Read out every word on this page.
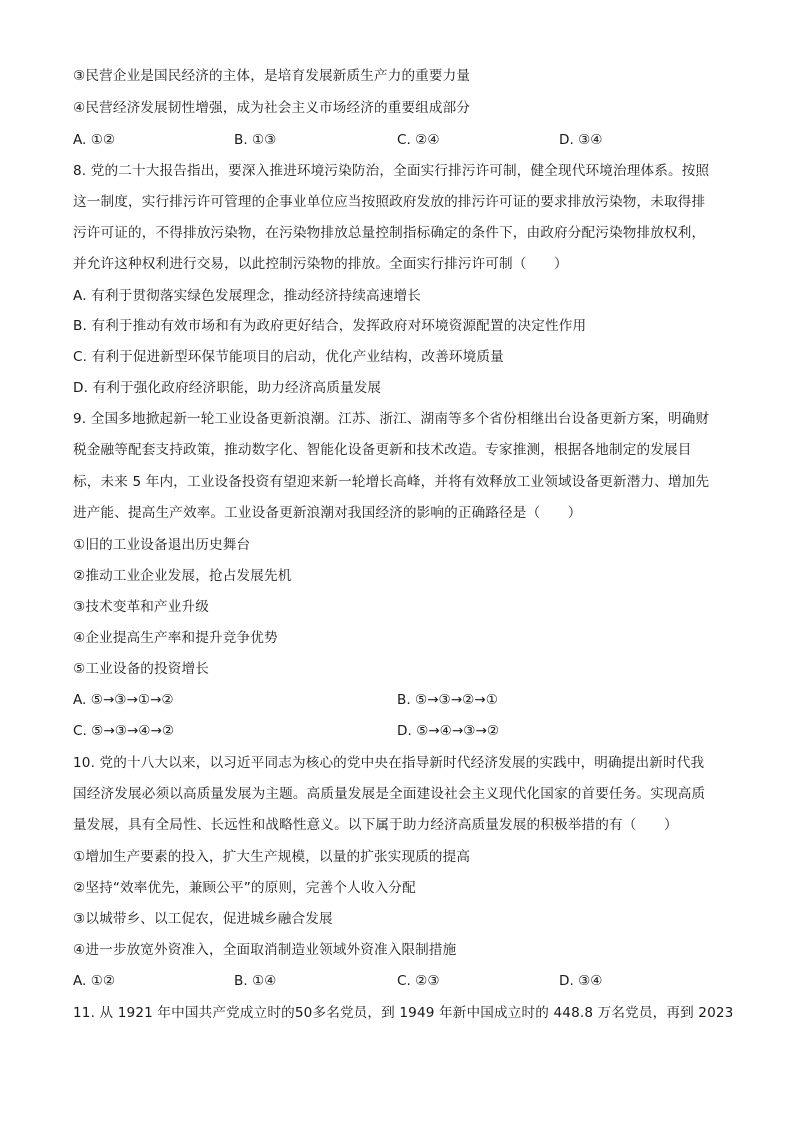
③民营企业是国民经济的主体，是培育发展新质生产力的重要力量
④民营经济发展韧性增强，成为社会主义市场经济的重要组成部分
A. ①②	B. ①③	C. ②④	D. ③④
8. 党的二十大报告指出，要深入推进环境污染防治，全面实行排污许可制，健全现代环境治理体系。按照
这一制度，实行排污许可管理的企事业单位应当按照政府发放的排污许可证的要求排放污染物，未取得排
污许可证的，不得排放污染物，在污染物排放总量控制指标确定的条件下，由政府分配污染物排放权利，
并允许这种权利进行交易，以此控制污染物的排放。全面实行排污许可制（　　）
A. 有利于贯彻落实绿色发展理念，推动经济持续高速增长
B. 有利于推动有效市场和有为政府更好结合，发挥政府对环境资源配置的决定性作用
C. 有利于促进新型环保节能项目的启动，优化产业结构，改善环境质量
D. 有利于强化政府经济职能，助力经济高质量发展
9. 全国多地掀起新一轮工业设备更新浪潮。江苏、浙江、湖南等多个省份相继出台设备更新方案，明确财
税金融等配套支持政策，推动数字化、智能化设备更新和技术改造。专家推测，根据各地制定的发展目
标，未来 5 年内，工业设备投资有望迎来新一轮增长高峰，并将有效释放工业领域设备更新潜力、增加先
进产能、提高生产效率。工业设备更新浪潮对我国经济的影响的正确路径是（　　）
①旧的工业设备退出历史舞台
②推动工业企业发展，抢占发展先机
③技术变革和产业升级
④企业提高生产率和提升竞争优势
⑤工业设备的投资增长
A. ⑤→③→①→②	B. ⑤→③→②→①
C. ⑤→③→④→②	D. ⑤→④→③→②
10. 党的十八大以来，以习近平同志为核心的党中央在指导新时代经济发展的实践中，明确提出新时代我
国经济发展必须以高质量发展为主题。高质量发展是全面建设社会主义现代化国家的首要任务。实现高质
量发展，具有全局性、长远性和战略性意义。以下属于助力经济高质量发展的积极举措的有（　　）
①增加生产要素的投入，扩大生产规模，以量的扩张实现质的提高
②坚持“效率优先，兼顾公平”的原则，完善个人收入分配
③以城带乡、以工促农，促进城乡融合发展
④进一步放宽外资准入，全面取消制造业领域外资准入限制措施
A. ①②	B. ①④	C. ②③	D. ③④
11. 从 1921 年中国共产党成立时的50多名党员，到 1949 年新中国成立时的 448.8 万名党员，再到 2023
